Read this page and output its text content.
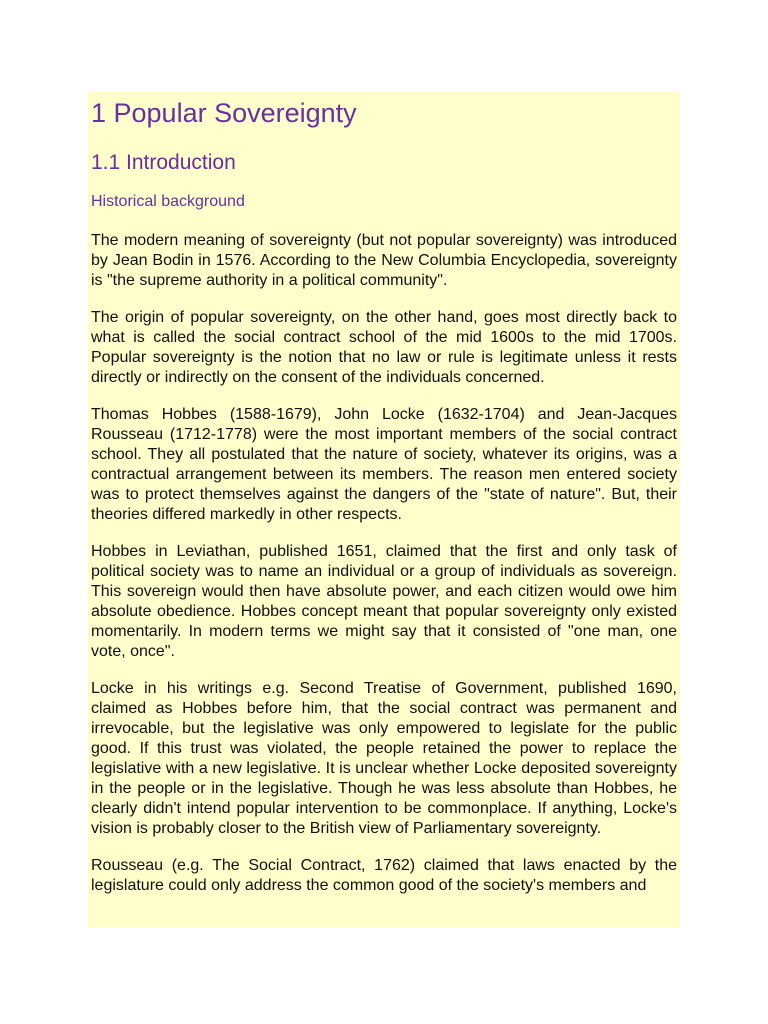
1 Popular Sovereignty
1.1 Introduction
Historical background

The modern meaning of sovereignty (but not popular sovereignty) was introduced by Jean Bodin in 1576. According to the New Columbia Encyclopedia, sovereignty is "the supreme authority in a political community".

The origin of popular sovereignty, on the other hand, goes most directly back to what is called the social contract school of the mid 1600s to the mid 1700s. Popular sovereignty is the notion that no law or rule is legitimate unless it rests directly or indirectly on the consent of the individuals concerned.

Thomas Hobbes (1588-1679), John Locke (1632-1704) and Jean-Jacques Rousseau (1712-1778) were the most important members of the social contract school. They all postulated that the nature of society, whatever its origins, was a contractual arrangement between its members. The reason men entered society was to protect themselves against the dangers of the "state of nature". But, their theories differed markedly in other respects.

Hobbes in Leviathan, published 1651, claimed that the first and only task of political society was to name an individual or a group of individuals as sovereign. This sovereign would then have absolute power, and each citizen would owe him absolute obedience. Hobbes concept meant that popular sovereignty only existed momentarily. In modern terms we might say that it consisted of "one man, one vote, once".

Locke in his writings e.g. Second Treatise of Government, published 1690, claimed as Hobbes before him, that the social contract was permanent and irrevocable, but the legislative was only empowered to legislate for the public good. If this trust was violated, the people retained the power to replace the legislative with a new legislative. It is unclear whether Locke deposited sovereignty in the people or in the legislative. Though he was less absolute than Hobbes, he clearly didn't intend popular intervention to be commonplace. If anything, Locke's vision is probably closer to the British view of Parliamentary sovereignty.

Rousseau (e.g. The Social Contract, 1762) claimed that laws enacted by the legislature could only address the common good of the society's members and
